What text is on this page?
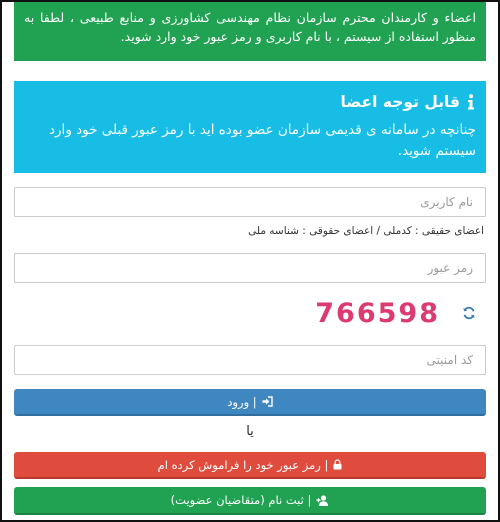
اعضاء و کارمندان محترم سازمان نظام مهندسی کشاورزی و منابع طبیعی ، لطفا به منظور استفاده از سیستم ، با نام کاربری و رمز عبور خود وارد شوید.
قابل توجه اعضا
چنانچه در سامانه ی قدیمی سازمان عضو بوده اید با رمز عبور قبلی خود وارد سیستم شوید.
نام کاربری
اعضای حقیقی : کدملی / اعضای حقوقی : شناسه ملی
766598
کد امنیتی
| ورود
یا
| رمز عبور خود را فراموش کرده ام
| ثبت نام (متقاضیان عضویت)
